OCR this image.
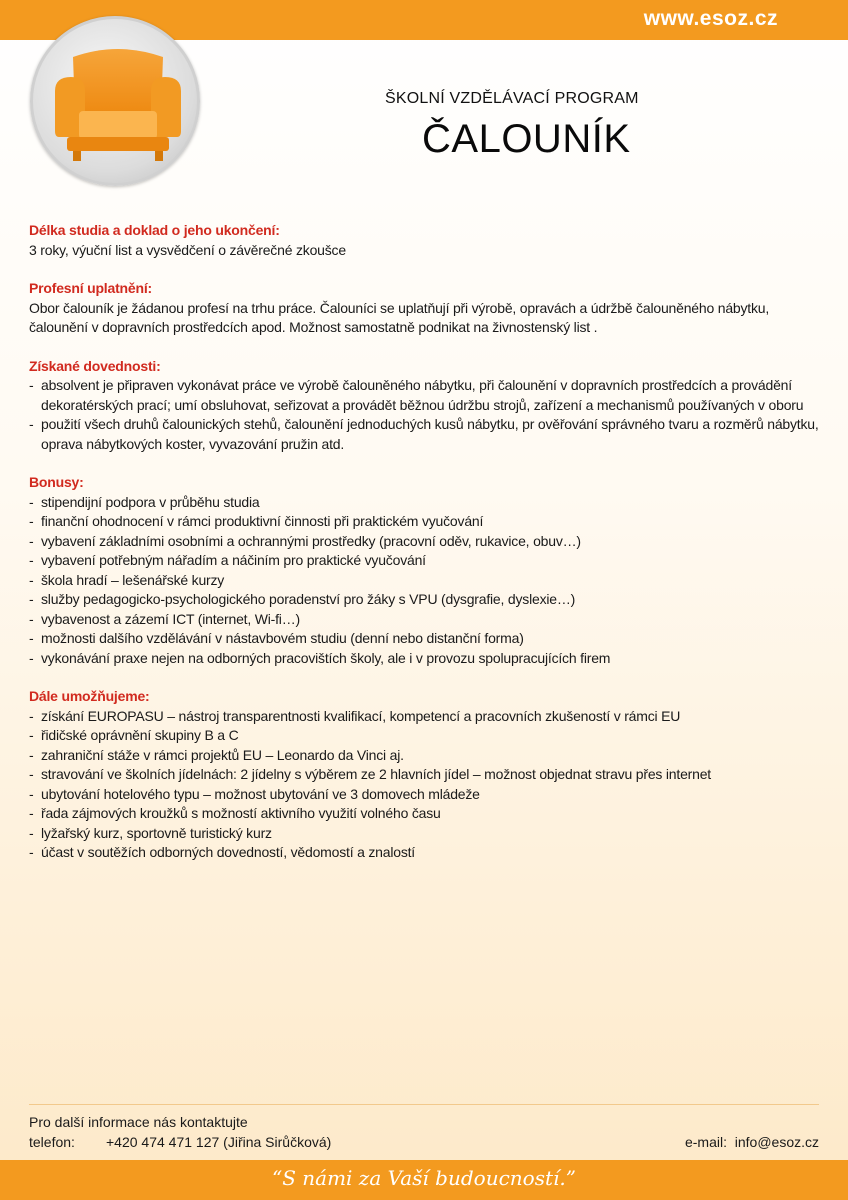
www.esoz.cz
ŠKOLNÍ VZDĚLÁVACÍ PROGRAM
ČALOUNÍK
Délka studia a doklad o jeho ukončení:

3 roky, výuční list a vysvědčení o závěrečné zkoušce

Profesní uplatnění:

Obor čalouník je žádanou profesí na trhu práce. Čalouníci se uplatňují při výrobě, opravách a údržbě čalouněného nábytku, čalounění v dopravních prostředcích apod. Možnost samostatně podnikat na živnostenský list .

Získané dovednosti:
- absolvent je připraven vykonávat práce ve výrobě čalouněného nábytku, při čalounění v dopravních prostředcích a provádění dekoratérských prací; umí obsluhovat, seřizovat a provádět běžnou údržbu strojů, zařízení a mechanismů používaných v oboru
- použití všech druhů čalounických stehů, čalounění jednoduchých kusů nábytku, pr ověřování správného tvaru a rozměrů nábytku, oprava nábytkových koster, vyvazování pružin atd.
Bonusy:
- stipendijní podpora v průběhu studia
- finanční ohodnocení v rámci produktivní činnosti při praktickém vyučování
- vybavení základními osobními a ochrannými prostředky (pracovní oděv, rukavice, obuv…)
- vybavení potřebným nářadím a náčiním pro praktické vyučování
- škola hradí – lešenářské kurzy
- služby pedagogicko-psychologického poradenství pro žáky s VPU (dysgrafie, dyslexie…)
- vybavenost a zázemí ICT (internet, Wi-fi…)
- možnosti dalšího vzdělávání v nástavbovém studiu (denní nebo distanční forma)
- vykonávání praxe nejen na odborných pracovištích školy, ale i v provozu spolupracujících firem
Dále umožňujeme:
- získání EUROPASU – nástroj transparentnosti kvalifikací, kompetencí a pracovních zkušeností v rámci EU
- řidičské oprávnění skupiny B a C
- zahraniční stáže v rámci projektů EU – Leonardo da Vinci aj.
- stravování ve školních jídelnách: 2 jídelny s výběrem ze 2 hlavních jídel – možnost objednat stravu přes internet
- ubytování hotelového typu – možnost ubytování ve 3 domovech mládeže
- řada zájmových kroužků s možností aktivního využití volného času
- lyžařský kurz, sportovně turistický kurz
- účast v soutěžích odborných dovedností, vědomostí a znalostí
Pro další informace nás kontaktujte
telefon: +420 474 471 127 (Jiřina Sirůčková)	e-mail: info@esoz.cz
“S námi za Vaší budoucností.”
